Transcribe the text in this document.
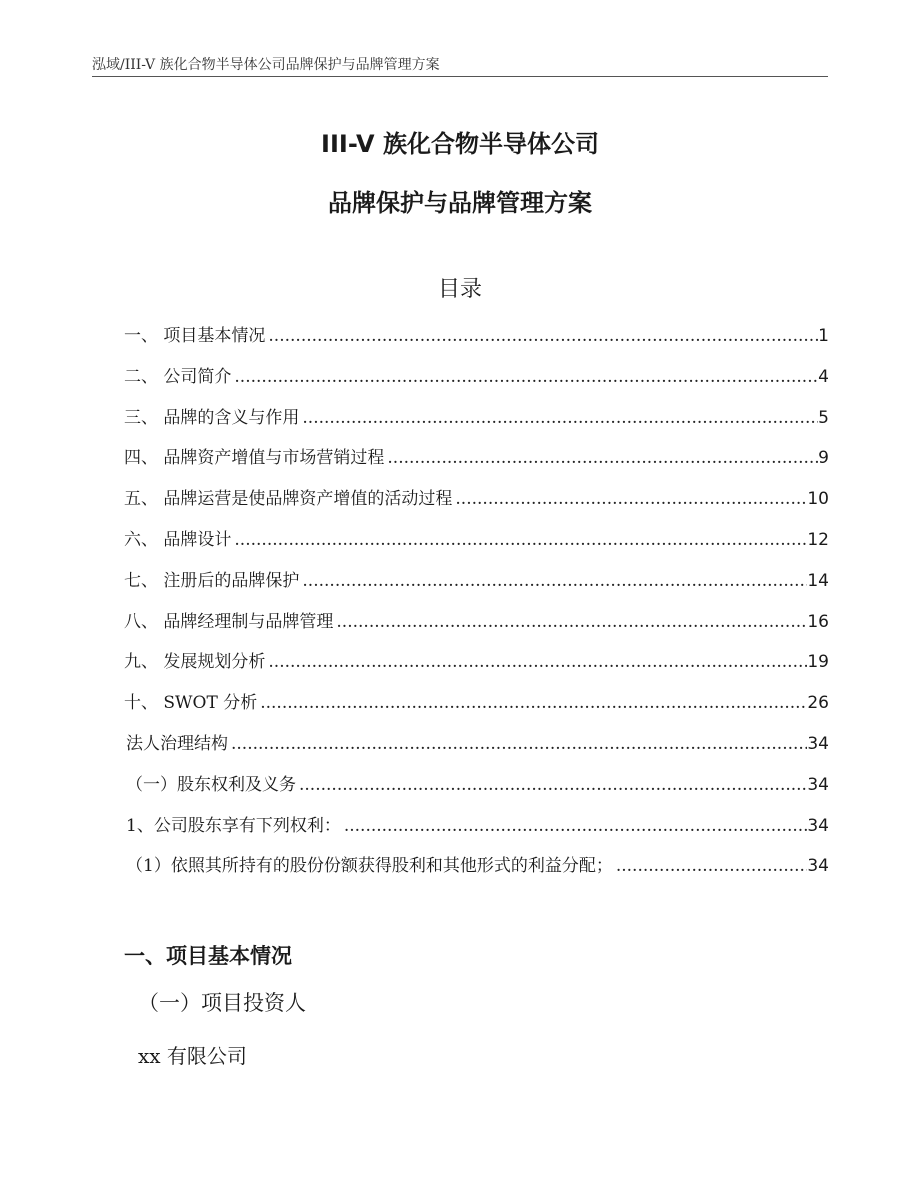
泓域/III-V 族化合物半导体公司品牌保护与品牌管理方案
III-V 族化合物半导体公司
品牌保护与品牌管理方案
目录
一、 项目基本情况 .....	1
二、 公司简介 .....	4
三、 品牌的含义与作用 .....	5
四、 品牌资产增值与市场营销过程 .....	9
五、 品牌运营是使品牌资产增值的活动过程 .....	10
六、 品牌设计 .....	12
七、 注册后的品牌保护 .....	14
八、 品牌经理制与品牌管理 .....	16
九、 发展规划分析 .....	19
十、 SWOT 分析 .....	26
法人治理结构 .....	34
（一）股东权利及义务 .....	34
1、公司股东享有下列权利： .....	34
（1）依照其所持有的股份份额获得股利和其他形式的利益分配； .....	34
一、项目基本情况
（一）项目投资人
xx 有限公司
